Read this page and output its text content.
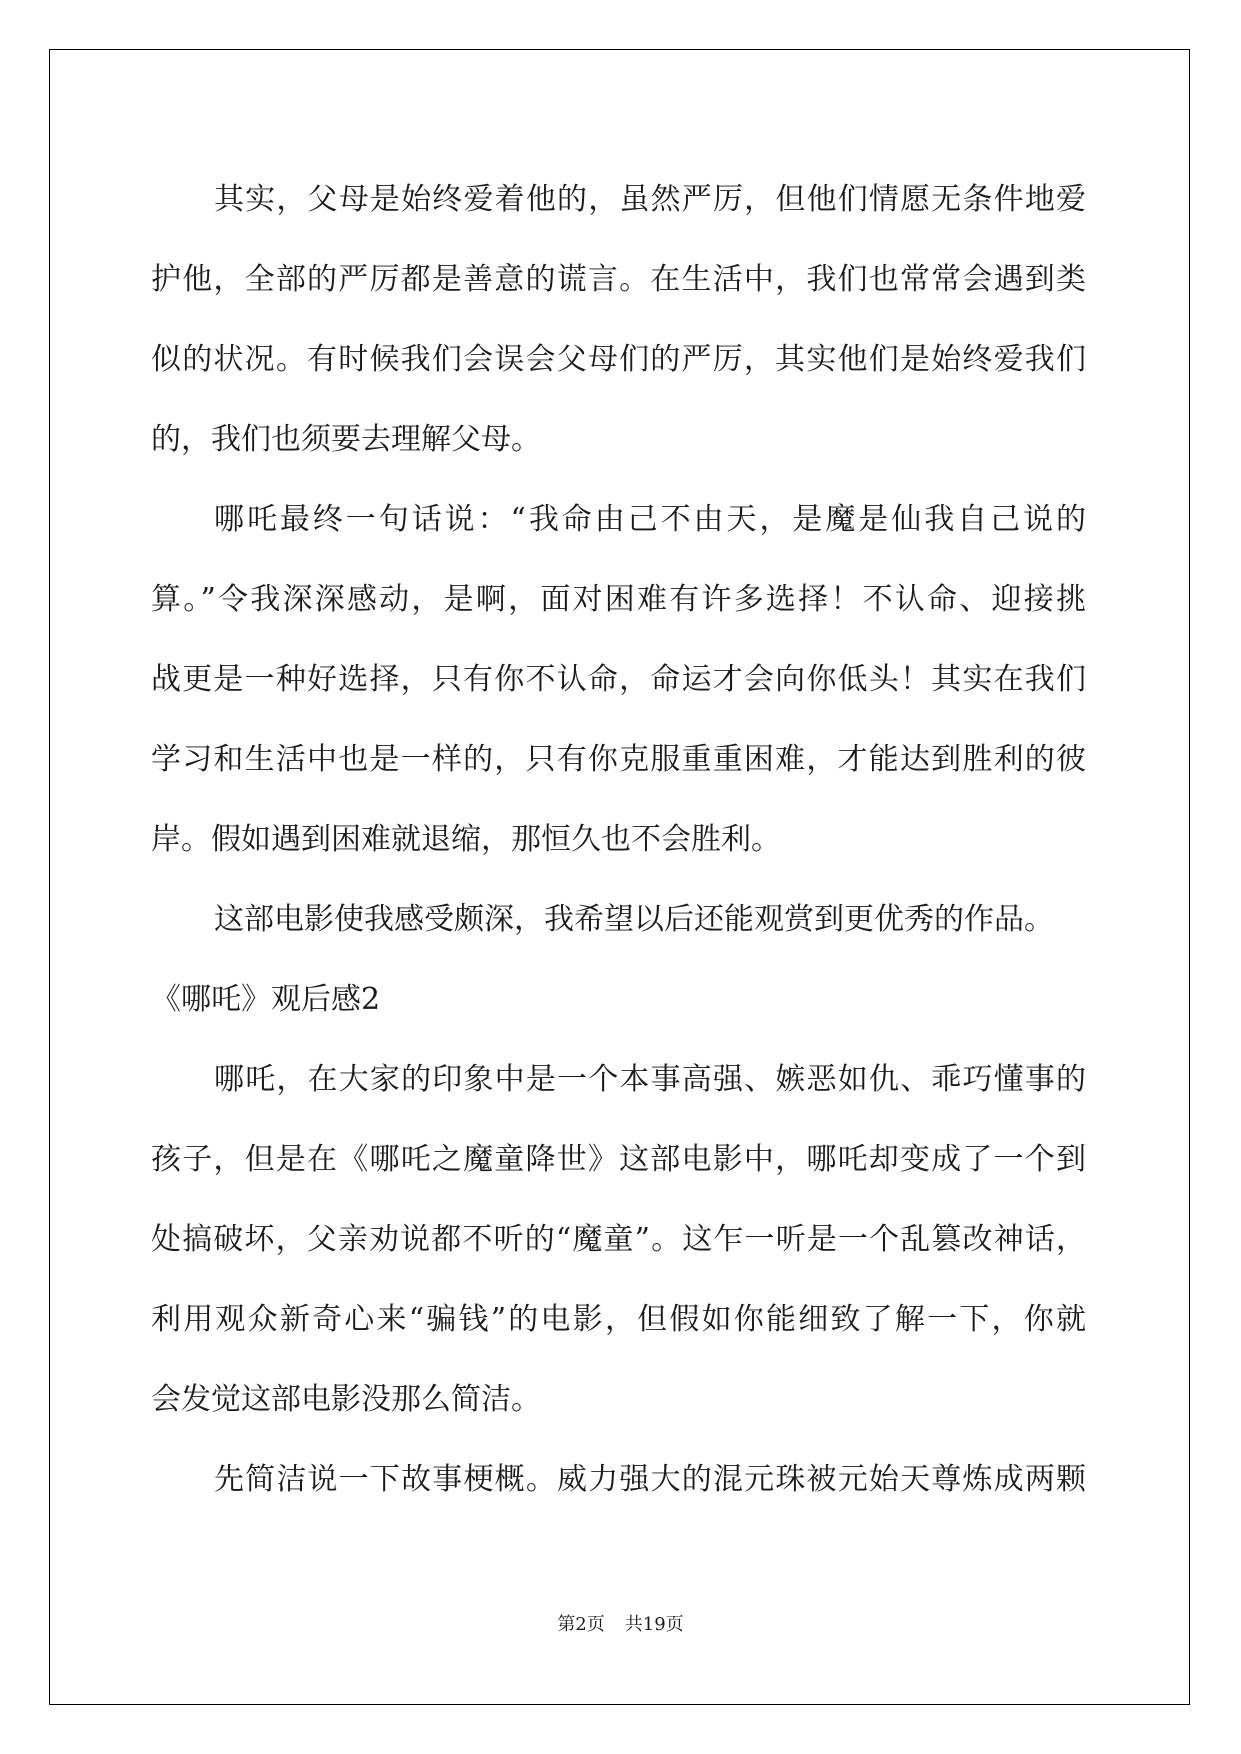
其实，父母是始终爱着他的，虽然严厉，但他们情愿无条件地爱
护他，全部的严厉都是善意的谎言。在生活中，我们也常常会遇到类
似的状况。有时候我们会误会父母们的严厉，其实他们是始终爱我们
的，我们也须要去理解父母。
哪吒最终一句话说：“我命由己不由天，是魔是仙我自己说的
算。”令我深深感动，是啊，面对困难有许多选择！不认命、迎接挑
战更是一种好选择，只有你不认命，命运才会向你低头！其实在我们
学习和生活中也是一样的，只有你克服重重困难，才能达到胜利的彼
岸。假如遇到困难就退缩，那恒久也不会胜利。
这部电影使我感受颇深，我希望以后还能观赏到更优秀的作品。
《哪吒》观后感2
哪吒，在大家的印象中是一个本事高强、嫉恶如仇、乖巧懂事的
孩子，但是在《哪吒之魔童降世》这部电影中，哪吒却变成了一个到
处搞破坏，父亲劝说都不听的“魔童”。这乍一听是一个乱篡改神话，
利用观众新奇心来“骗钱”的电影，但假如你能细致了解一下，你就
会发觉这部电影没那么简洁。
先简洁说一下故事梗概。威力强大的混元珠被元始天尊炼成两颗
第2页 共19页
